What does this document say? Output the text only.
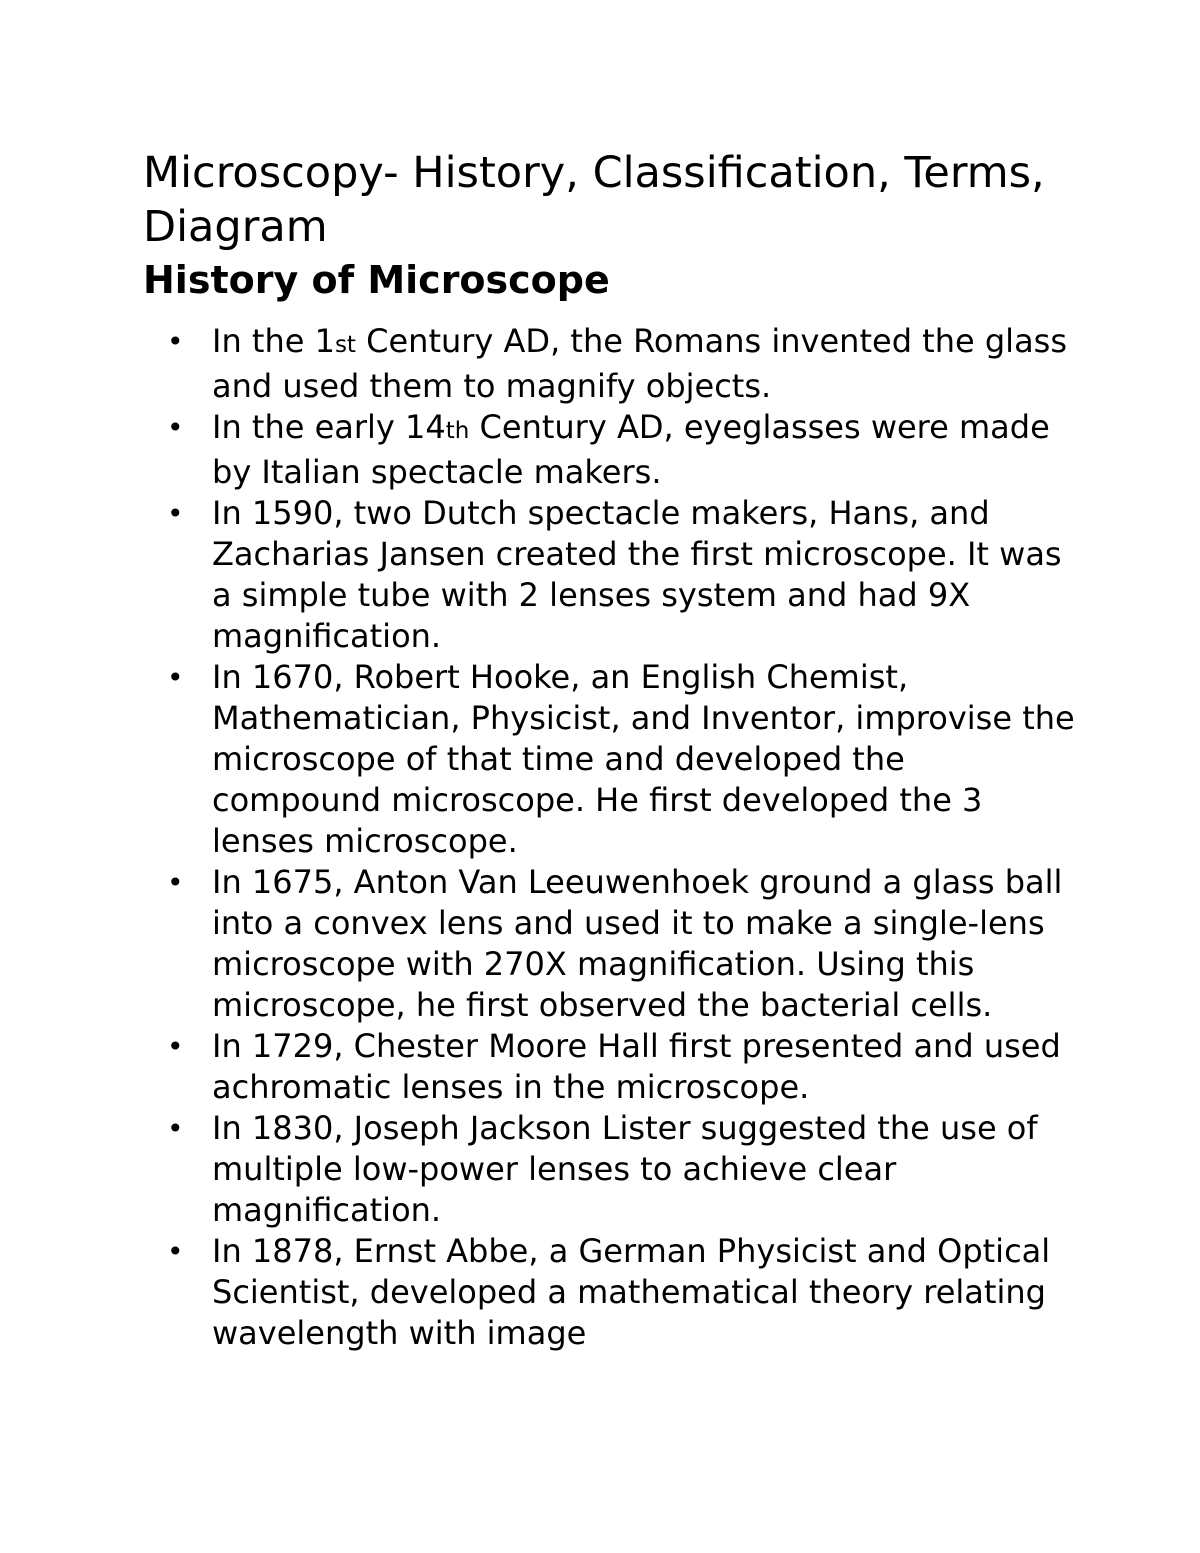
Microscopy- History, Classification, Terms, Diagram
History of Microscope
• In the 1st Century AD, the Romans invented the glass and used them to magnify objects.
• In the early 14th Century AD, eyeglasses were made by Italian spectacle makers.
• In 1590, two Dutch spectacle makers, Hans, and Zacharias Jansen created the first microscope. It was a simple tube with 2 lenses system and had 9X magnification.
• In 1670, Robert Hooke, an English Chemist, Mathematician, Physicist, and Inventor, improvise the microscope of that time and developed the compound microscope. He first developed the 3 lenses microscope.
• In 1675, Anton Van Leeuwenhoek ground a glass ball into a convex lens and used it to make a single-lens microscope with 270X magnification. Using this microscope, he first observed the bacterial cells.
• In 1729, Chester Moore Hall first presented and used achromatic lenses in the microscope.
• In 1830, Joseph Jackson Lister suggested the use of multiple low-power lenses to achieve clear magnification.
• In 1878, Ernst Abbe, a German Physicist and Optical Scientist, developed a mathematical theory relating wavelength with image
